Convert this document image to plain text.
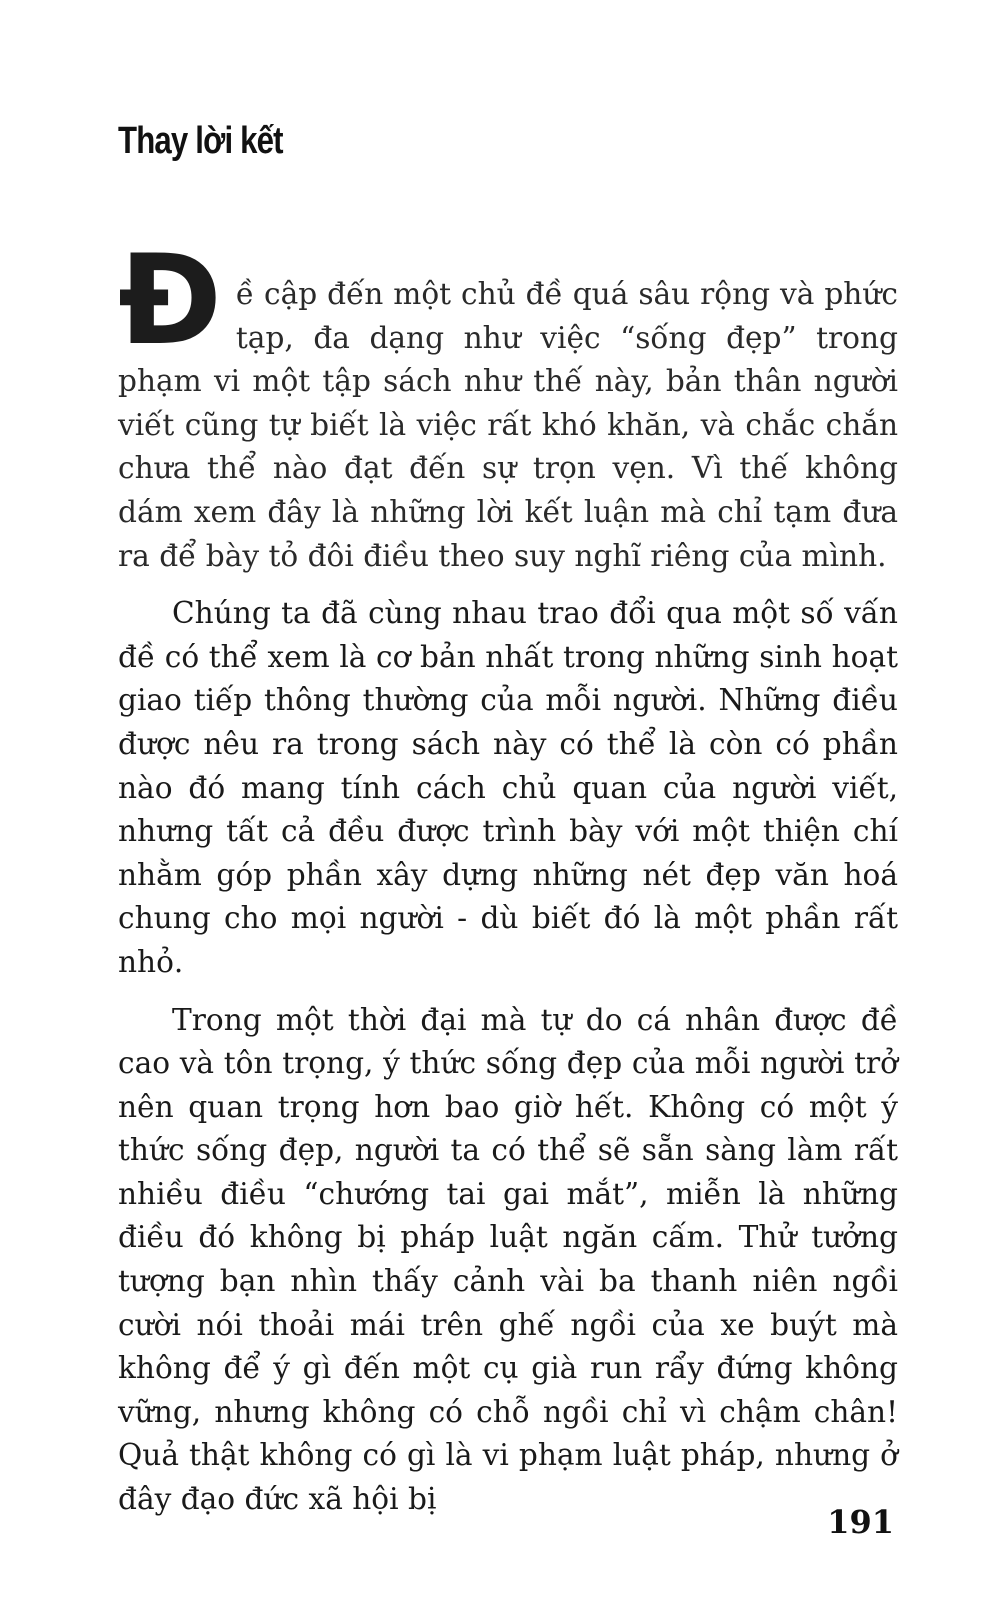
Thay lời kết

Đề cập đến một chủ đề quá sâu rộng và phức tạp, đa dạng như việc “sống đẹp” trong phạm vi một tập sách như thế này, bản thân người viết cũng tự biết là việc rất khó khăn, và chắc chắn chưa thể nào đạt đến sự trọn vẹn. Vì thế không dám xem đây là những lời kết luận mà chỉ tạm đưa ra để bày tỏ đôi điều theo suy nghĩ riêng của mình.

Chúng ta đã cùng nhau trao đổi qua một số vấn đề có thể xem là cơ bản nhất trong những sinh hoạt giao tiếp thông thường của mỗi người. Những điều được nêu ra trong sách này có thể là còn có phần nào đó mang tính cách chủ quan của người viết, nhưng tất cả đều được trình bày với một thiện chí nhằm góp phần xây dựng những nét đẹp văn hoá chung cho mọi người - dù biết đó là một phần rất nhỏ.

Trong một thời đại mà tự do cá nhân được đề cao và tôn trọng, ý thức sống đẹp của mỗi người trở nên quan trọng hơn bao giờ hết. Không có một ý thức sống đẹp, người ta có thể sẽ sẵn sàng làm rất nhiều điều “chướng tai gai mắt”, miễn là những điều đó không bị pháp luật ngăn cấm. Thử tưởng tượng bạn nhìn thấy cảnh vài ba thanh niên ngồi cười nói thoải mái trên ghế ngồi của xe buýt mà không để ý gì đến một cụ già run rẩy đứng không vững, nhưng không có chỗ ngồi chỉ vì chậm chân! Quả thật không có gì là vi phạm luật pháp, nhưng ở đây đạo đức xã hội bị

191
